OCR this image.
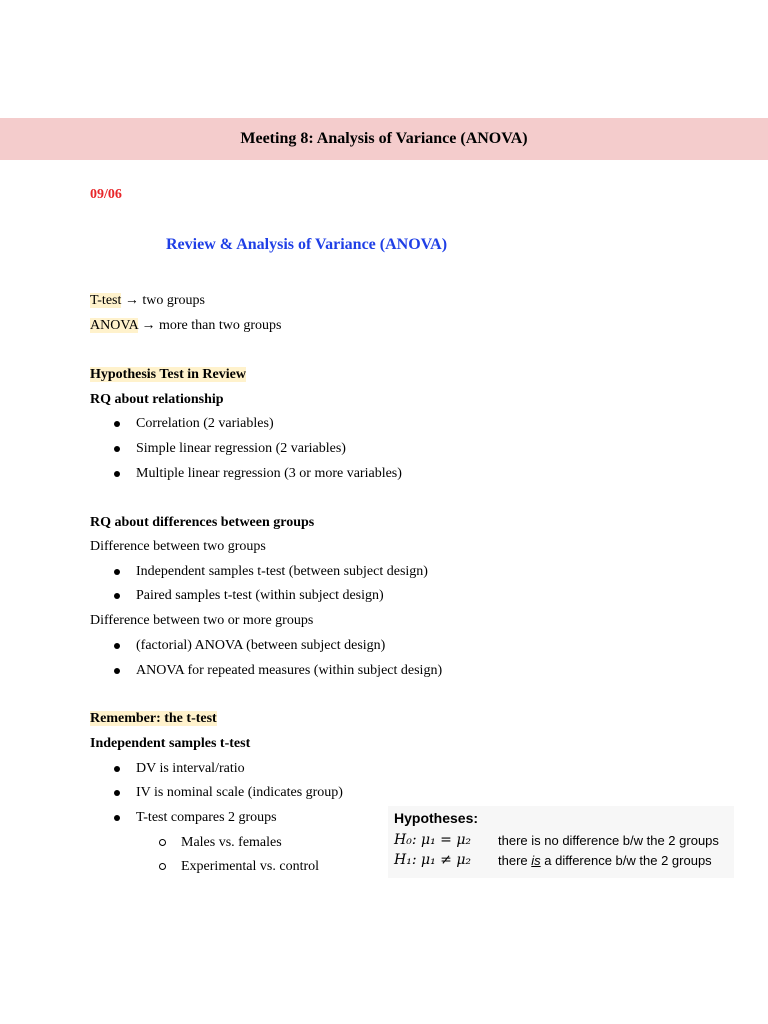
Meeting 8: Analysis of Variance (ANOVA)
09/06
Review & Analysis of Variance (ANOVA)
T-test → two groups
ANOVA → more than two groups
Hypothesis Test in Review
RQ about relationship
Correlation (2 variables)
Simple linear regression (2 variables)
Multiple linear regression (3 or more variables)
RQ about differences between groups
Difference between two groups
Independent samples t-test (between subject design)
Paired samples t-test (within subject design)
Difference between two or more groups
(factorial) ANOVA (between subject design)
ANOVA for repeated measures (within subject design)
Remember: the t-test
Independent samples t-test
DV is interval/ratio
IV is nominal scale (indicates group)
T-test compares 2 groups
Males vs. females
Experimental vs. control
Hypotheses:
H₀: μ₁ = μ₂ there is no difference b/w the 2 groups
H₁: μ₁ ≠ μ₂ there is a difference b/w the 2 groups
